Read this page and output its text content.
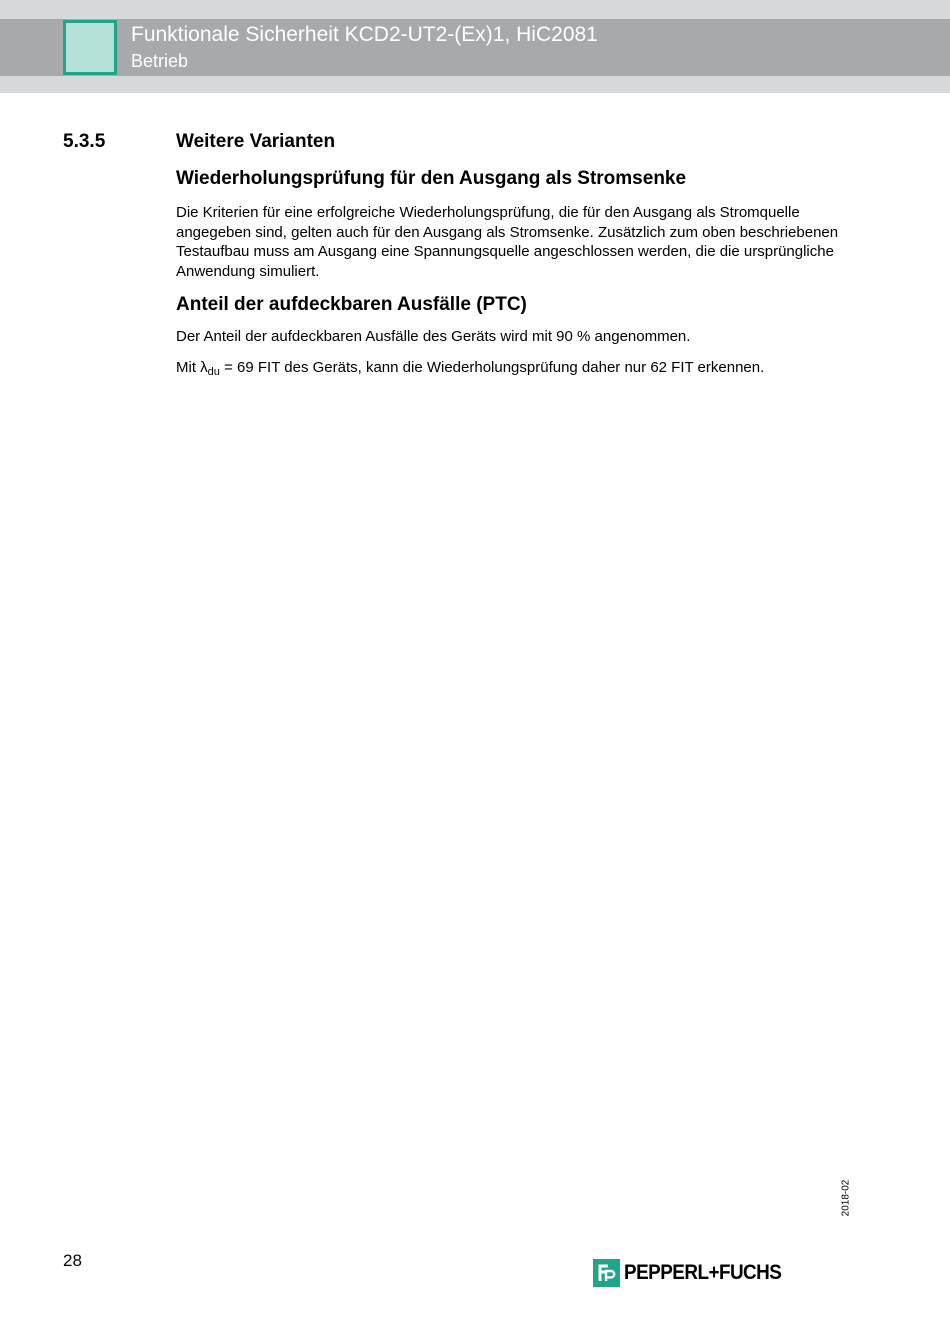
Funktionale Sicherheit KCD2-UT2-(Ex)1, HiC2081
Betrieb
5.3.5	Weitere Varianten
Wiederholungsprüfung für den Ausgang als Stromsenke

Die Kriterien für eine erfolgreiche Wiederholungsprüfung, die für den Ausgang als Stromquelle angegeben sind, gelten auch für den Ausgang als Stromsenke. Zusätzlich zum oben beschriebenen Testaufbau muss am Ausgang eine Spannungsquelle angeschlossen werden, die die ursprüngliche Anwendung simuliert.

Anteil der aufdeckbaren Ausfälle (PTC)

Der Anteil der aufdeckbaren Ausfälle des Geräts wird mit 90 % angenommen.

Mit $\lambda_{du} = 69$ FIT des Geräts, kann die Wiederholungsprüfung daher nur 62 FIT erkennen.

2018-02
28
PEPPERL+FUCHS
